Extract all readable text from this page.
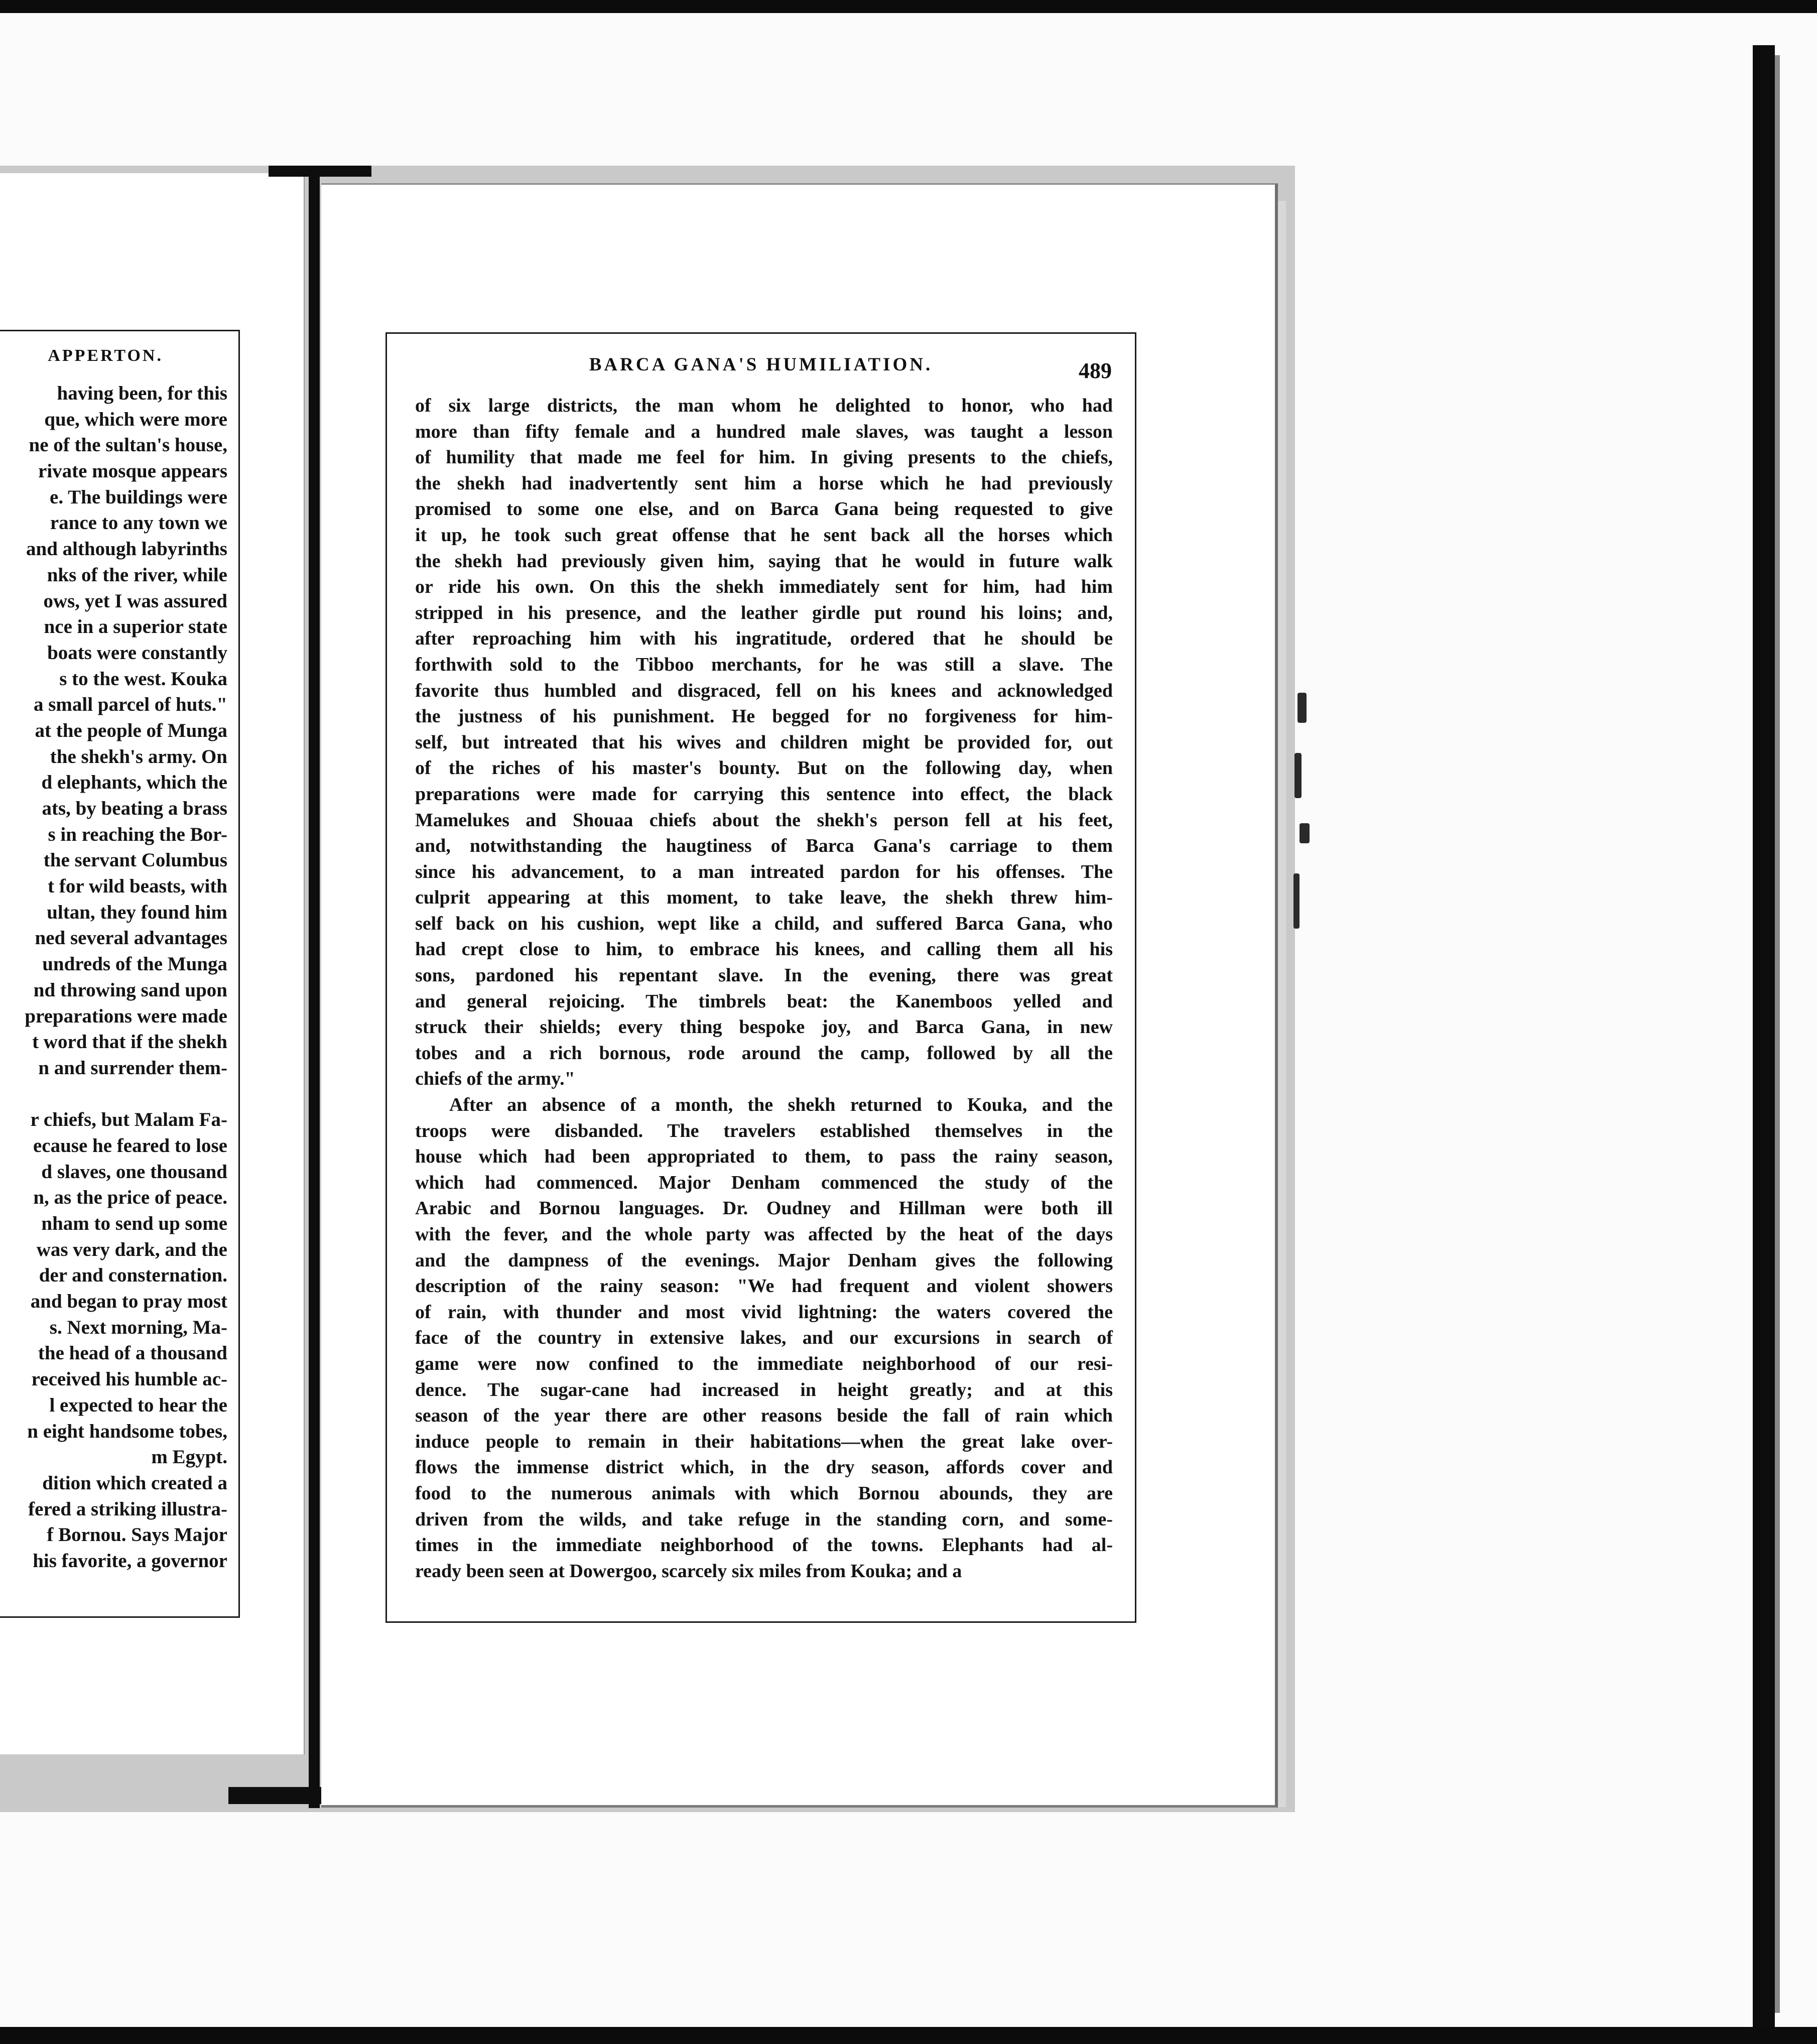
APPERTON.
having been, for this
que, which were more
ne of the sultan's house,
rivate mosque appears
e. The buildings were
rance to any town we
and although labyrinths
nks of the river, while
ows, yet I was assured
nce in a superior state
boats were constantly
s to the west. Kouka
a small parcel of huts."
at the people of Munga
the shekh's army. On
d elephants, which the
ats, by beating a brass
s in reaching the Bor-
the servant Columbus
t for wild beasts, with
ultan, they found him
ned several advantages
undreds of the Munga
nd throwing sand upon
preparations were made
t word that if the shekh
n and surrender them-
r chiefs, but Malam Fa-
ecause he feared to lose
d slaves, one thousand
n, as the price of peace.
nham to send up some
was very dark, and the
der and consternation.
and began to pray most
s. Next morning, Ma-
the head of a thousand
received his humble ac-
l expected to hear the
n eight handsome tobes,
m Egypt.
dition which created a
fered a striking illustra-
f Bornou. Says Major
his favorite, a governor
BARCA GANA'S HUMILIATION.	489
of six large districts, the man whom he delighted to honor, who had
more than fifty female and a hundred male slaves, was taught a lesson
of humility that made me feel for him. In giving presents to the chiefs,
the shekh had inadvertently sent him a horse which he had previously
promised to some one else, and on Barca Gana being requested to give
it up, he took such great offense that he sent back all the horses which
the shekh had previously given him, saying that he would in future walk
or ride his own. On this the shekh immediately sent for him, had him
stripped in his presence, and the leather girdle put round his loins; and,
after reproaching him with his ingratitude, ordered that he should be
forthwith sold to the Tibboo merchants, for he was still a slave. The
favorite thus humbled and disgraced, fell on his knees and acknowledged
the justness of his punishment. He begged for no forgiveness for him-
self, but intreated that his wives and children might be provided for, out
of the riches of his master's bounty. But on the following day, when
preparations were made for carrying this sentence into effect, the black
Mamelukes and Shouaa chiefs about the shekh's person fell at his feet,
and, notwithstanding the haugtiness of Barca Gana's carriage to them
since his advancement, to a man intreated pardon for his offenses. The
culprit appearing at this moment, to take leave, the shekh threw him-
self back on his cushion, wept like a child, and suffered Barca Gana, who
had crept close to him, to embrace his knees, and calling them all his
sons, pardoned his repentant slave. In the evening, there was great
and general rejoicing. The timbrels beat: the Kanemboos yelled and
struck their shields; every thing bespoke joy, and Barca Gana, in new
tobes and a rich bornous, rode around the camp, followed by all the
chiefs of the army."
After an absence of a month, the shekh returned to Kouka, and the
troops were disbanded. The travelers established themselves in the
house which had been appropriated to them, to pass the rainy season,
which had commenced. Major Denham commenced the study of the
Arabic and Bornou languages. Dr. Oudney and Hillman were both ill
with the fever, and the whole party was affected by the heat of the days
and the dampness of the evenings. Major Denham gives the following
description of the rainy season: "We had frequent and violent showers
of rain, with thunder and most vivid lightning: the waters covered the
face of the country in extensive lakes, and our excursions in search of
game were now confined to the immediate neighborhood of our resi-
dence. The sugar-cane had increased in height greatly; and at this
season of the year there are other reasons beside the fall of rain which
induce people to remain in their habitations—when the great lake over-
flows the immense district which, in the dry season, affords cover and
food to the numerous animals with which Bornou abounds, they are
driven from the wilds, and take refuge in the standing corn, and some-
times in the immediate neighborhood of the towns. Elephants had al-
ready been seen at Dowergoo, scarcely six miles from Kouka; and a
